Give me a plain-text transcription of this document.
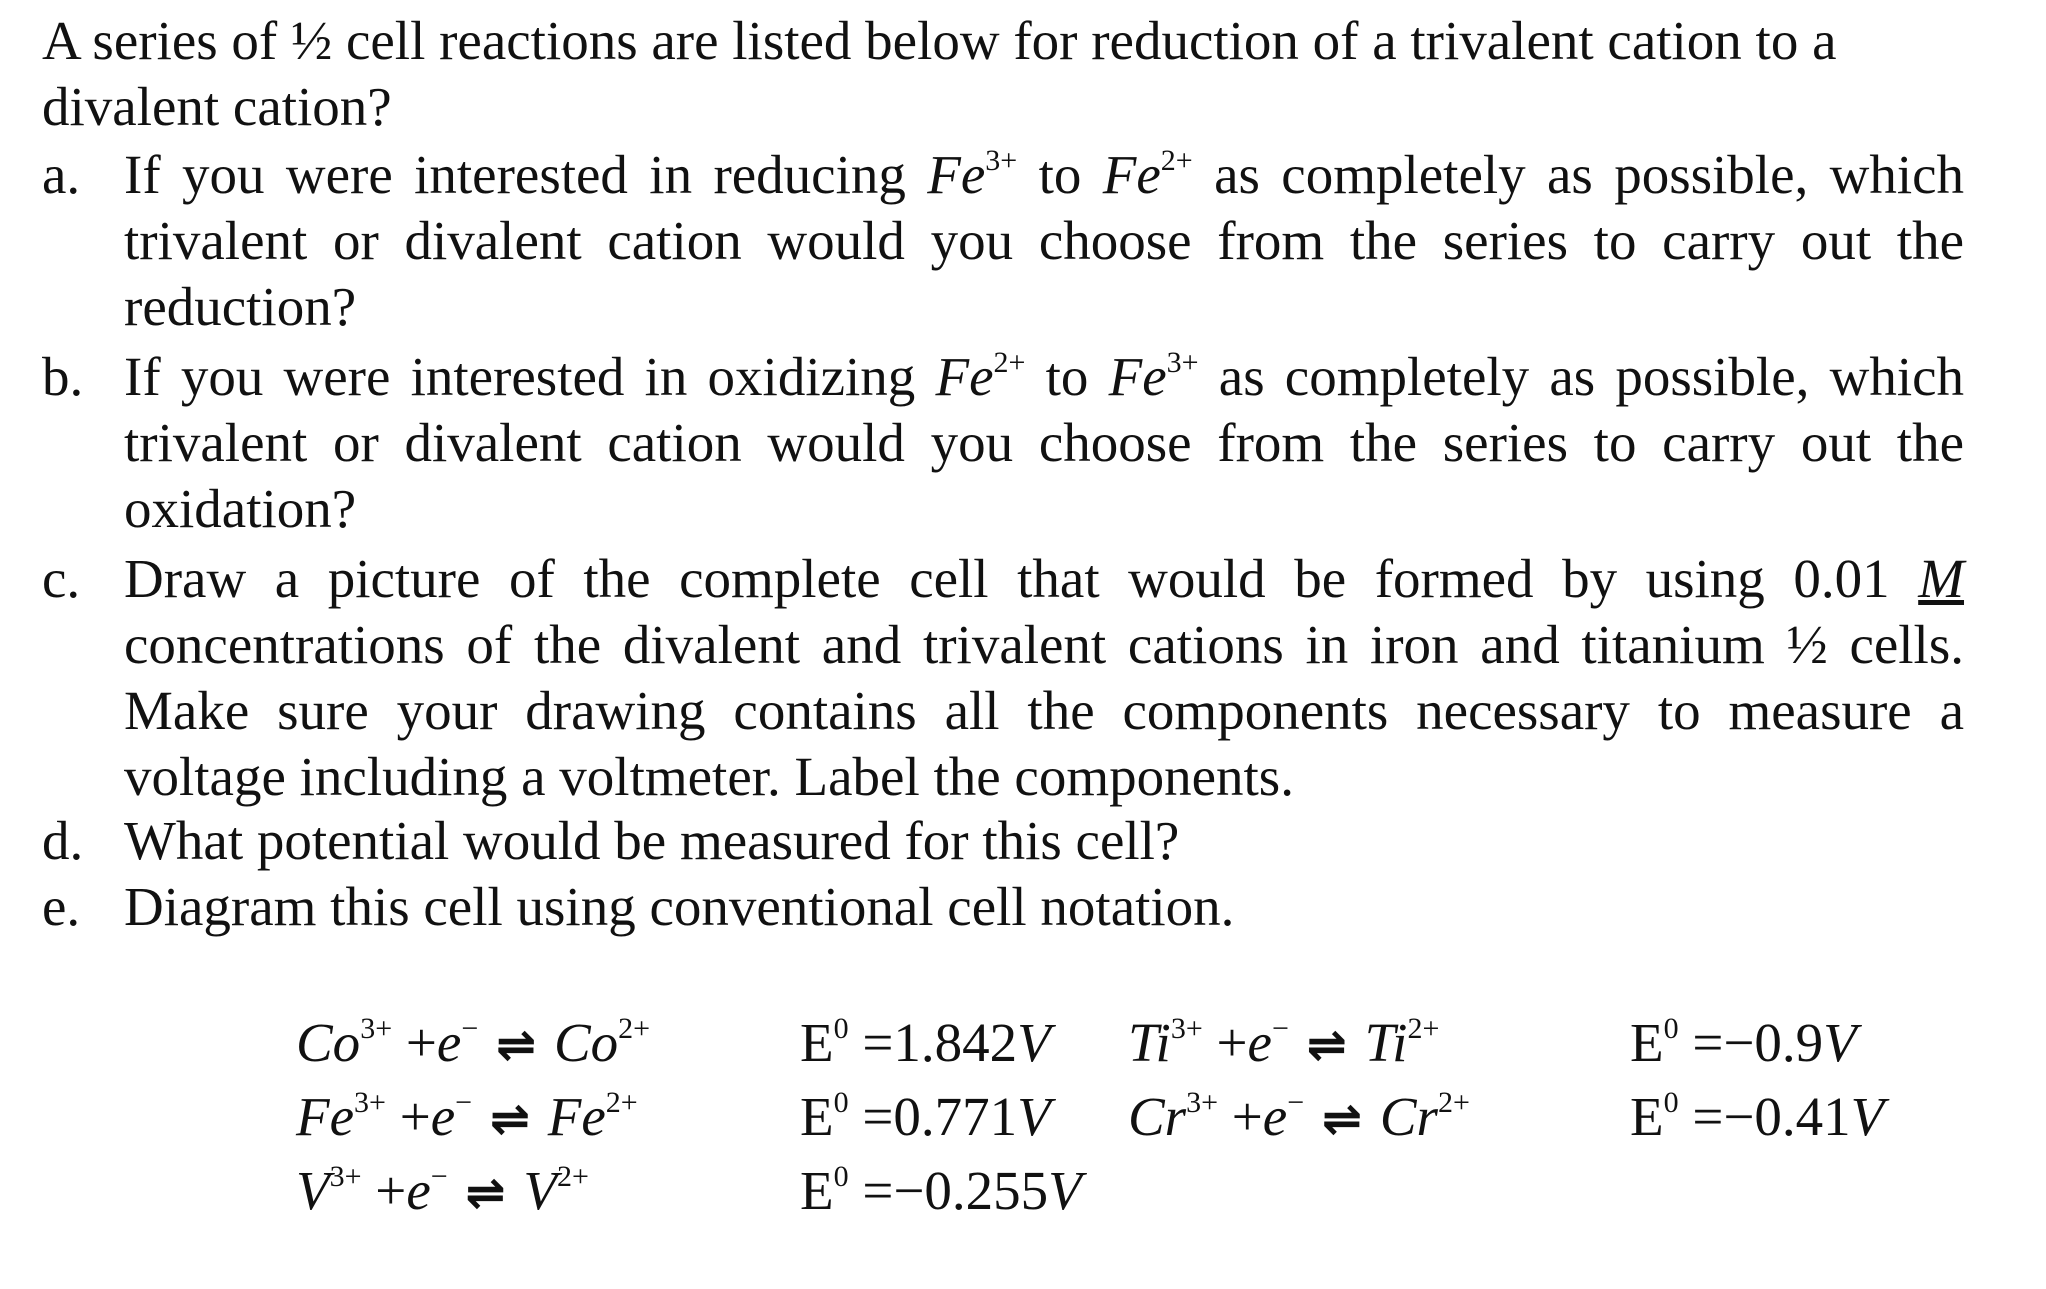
A series of ½ cell reactions are listed below for reduction of a trivalent cation to a divalent cation?
a. If you were interested in reducing $Fe^{3+}$ to $Fe^{2+}$ as completely as possible, which
trivalent or divalent cation would you choose from the series to carry out the
reduction?
b. If you were interested in oxidizing $Fe^{2+}$ to $Fe^{3+}$ as completely as possible, which
trivalent or divalent cation would you choose from the series to carry out the
oxidation?
c. Draw a picture of the complete cell that would be formed by using 0.01 M
concentrations of the divalent and trivalent cations in iron and titanium ½ cells.
Make sure your drawing contains all the components necessary to measure a
voltage including a voltmeter. Label the components.
d. What potential would be measured for this cell?
e. Diagram this cell using conventional cell notation.
$Co^{3+} +e^-$ ⇌ $Co^{2+}$	$E^0 =1.842V$
$Fe^{3+} +e^-$ ⇌ $Fe^{2+}$	$E^0 =0.771V$
$V^{3+} +e^-$ ⇌ $V^{2+}$	$E^0 =-0.255V$
$Ti^{3+} +e^-$ ⇌ $Ti^{2+}$	$E^0 =-0.9V$
$Cr^{3+} +e^-$ ⇌ $Cr^{2+}$	$E^0 =-0.41V$
